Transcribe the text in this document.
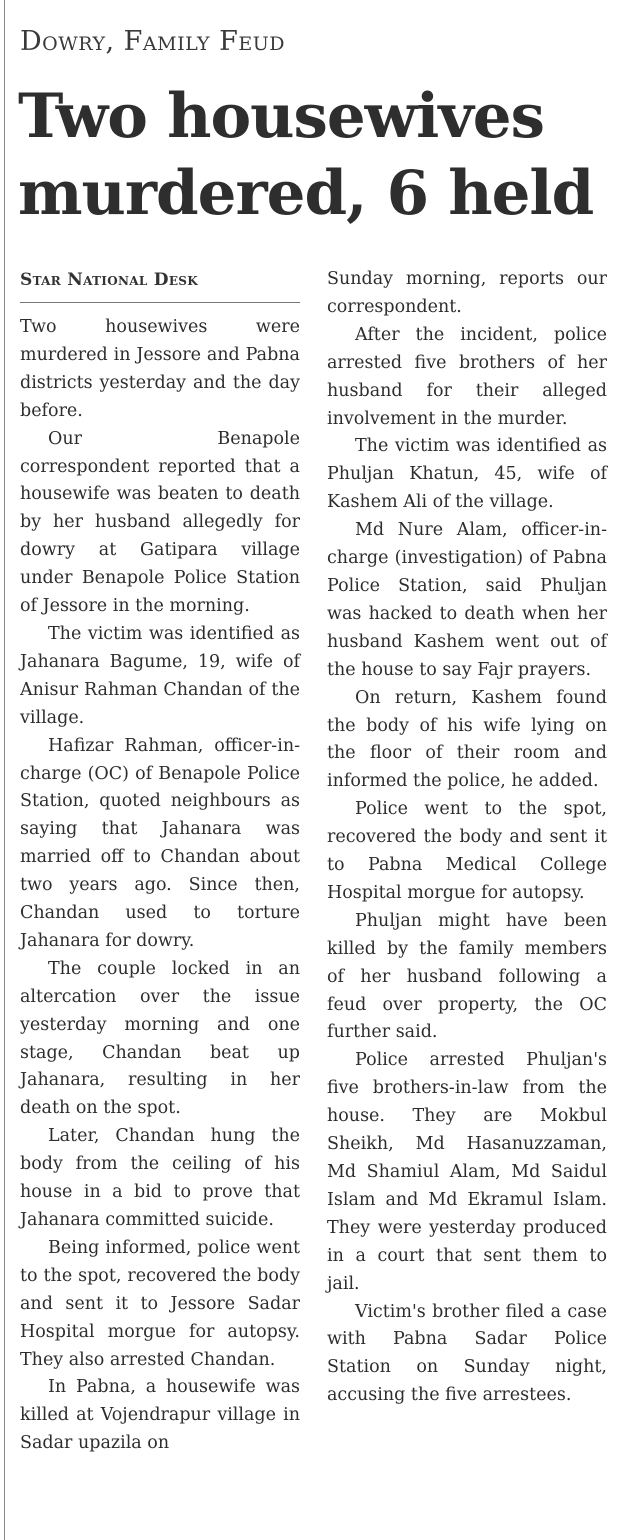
Dowry, Family Feud
Two housewives murdered, 6 held
Star National Desk

Two housewives were murdered in Jessore and Pabna districts yesterday and the day before.

Our Benapole correspondent reported that a housewife was beaten to death by her husband allegedly for dowry at Gatipara village under Benapole Police Station of Jessore in the morning.

The victim was identified as Jahanara Bagume, 19, wife of Anisur Rahman Chandan of the village.

Hafizar Rahman, officer-in-charge (OC) of Benapole Police Station, quoted neighbours as saying that Jahanara was married off to Chandan about two years ago. Since then, Chandan used to torture Jahanara for dowry.

The couple locked in an altercation over the issue yesterday morning and one stage, Chandan beat up Jahanara, resulting in her death on the spot.

Later, Chandan hung the body from the ceiling of his house in a bid to prove that Jahanara committed suicide.

Being informed, police went to the spot, recovered the body and sent it to Jessore Sadar Hospital morgue for autopsy. They also arrested Chandan.

In Pabna, a housewife was killed at Vojendrapur village in Sadar upazila on

Sunday morning, reports our correspondent.

After the incident, police arrested five brothers of her husband for their alleged involvement in the murder.

The victim was identified as Phuljan Khatun, 45, wife of Kashem Ali of the village.

Md Nure Alam, officer-in-charge (investigation) of Pabna Police Station, said Phuljan was hacked to death when her husband Kashem went out of the house to say Fajr prayers.

On return, Kashem found the body of his wife lying on the floor of their room and informed the police, he added.

Police went to the spot, recovered the body and sent it to Pabna Medical College Hospital morgue for autopsy.

Phuljan might have been killed by the family members of her husband following a feud over property, the OC further said.

Police arrested Phuljan's five brothers-in-law from the house. They are Mokbul Sheikh, Md Hasanuzzaman, Md Shamiul Alam, Md Saidul Islam and Md Ekramul Islam. They were yesterday produced in a court that sent them to jail.

Victim's brother filed a case with Pabna Sadar Police Station on Sunday night, accusing the five arrestees.
